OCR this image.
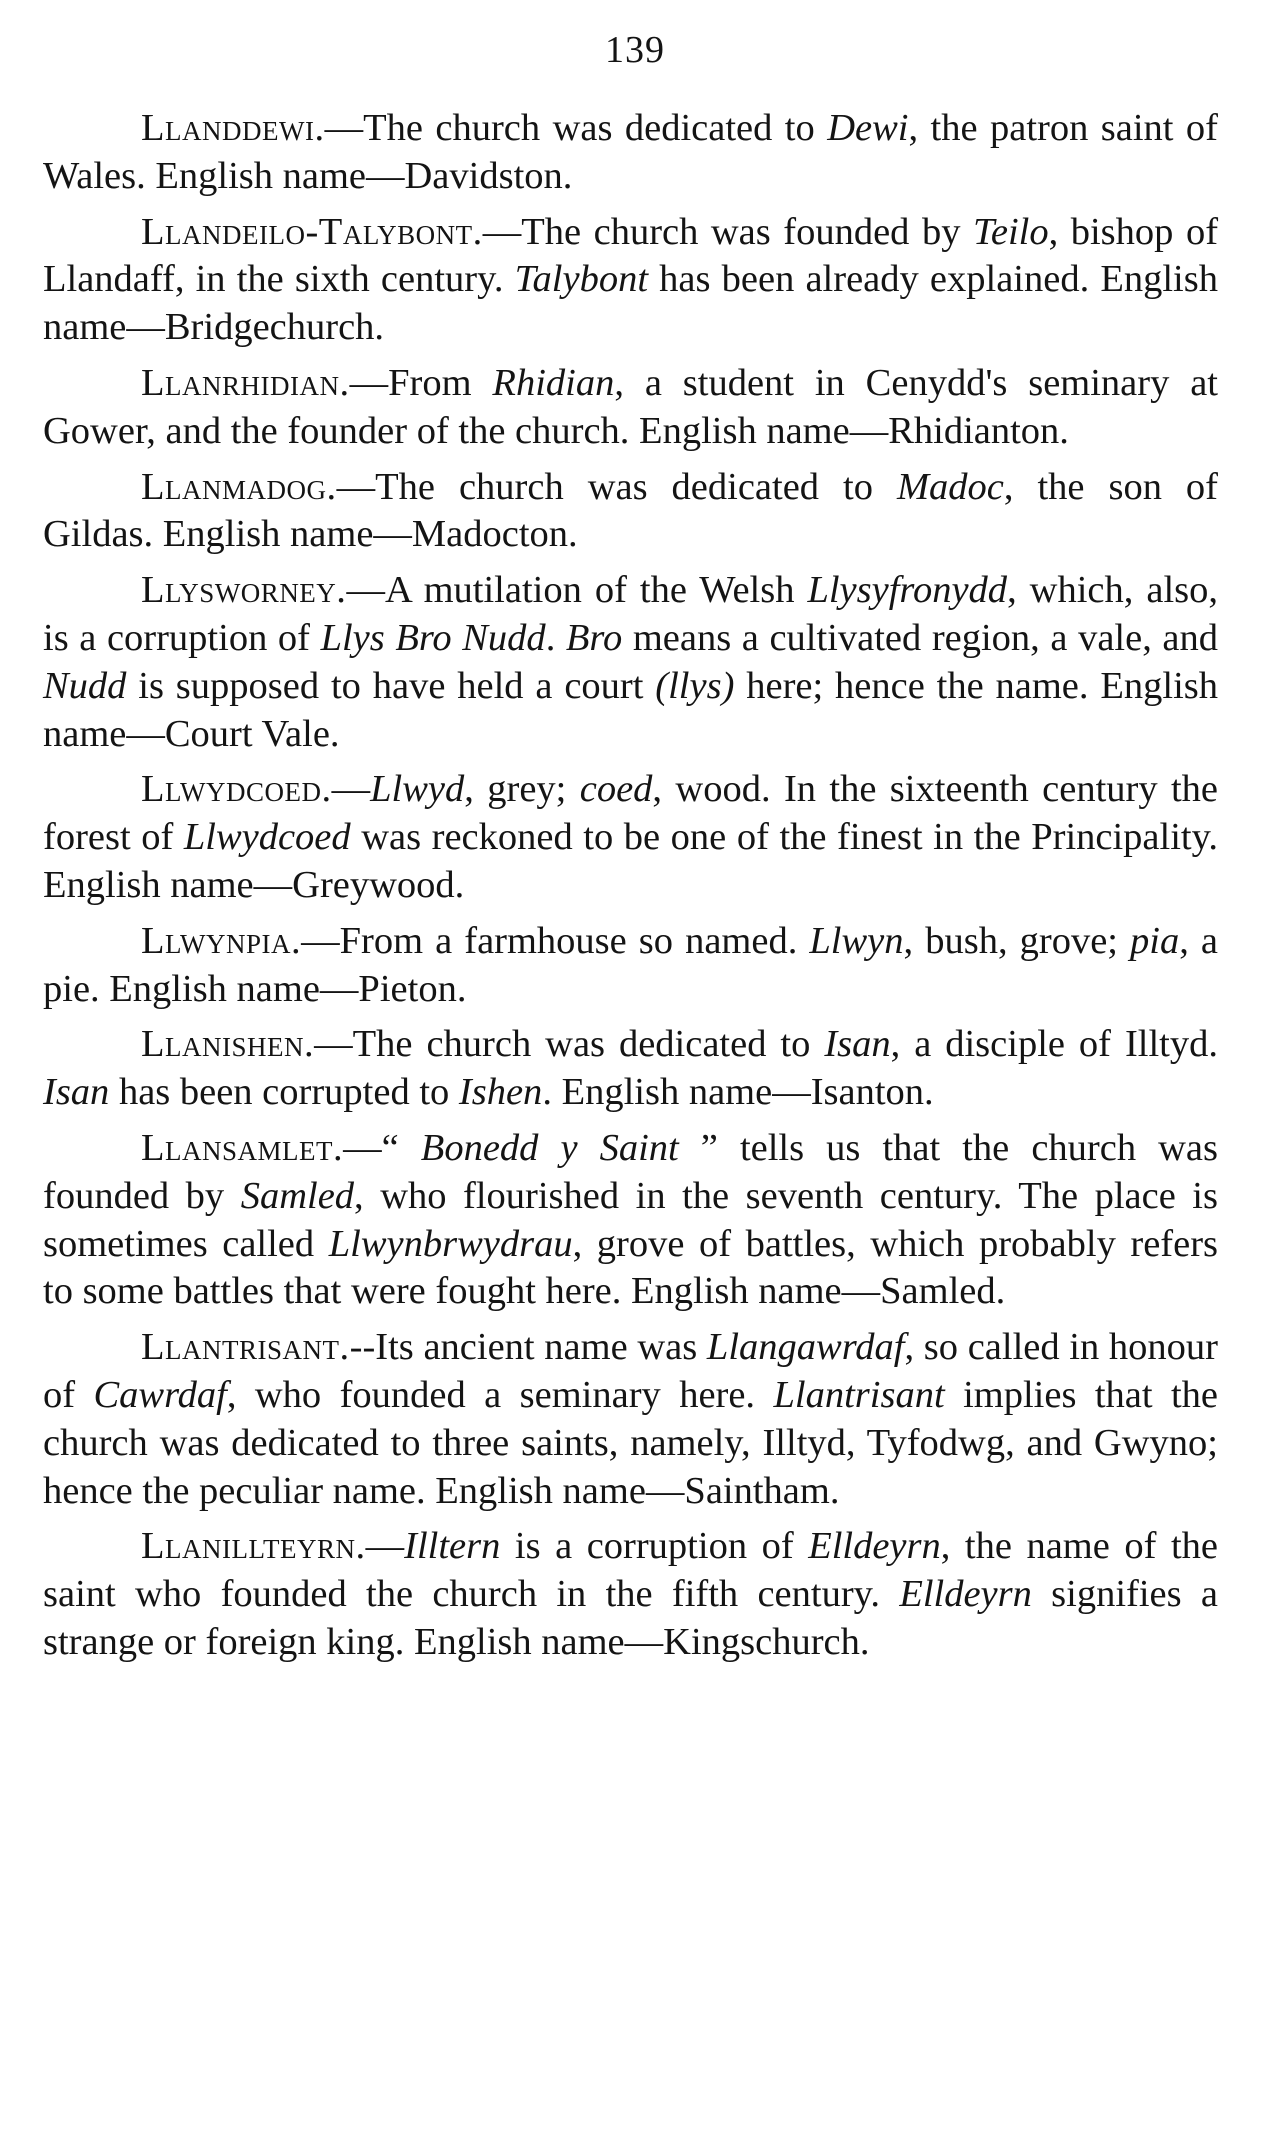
139

Llanddewi.—The church was dedicated to Dewi, the patron saint of Wales. English name—Davidston.

Llandeilo-Talybont.—The church was founded by Teilo, bishop of Llandaff, in the sixth century. Talybont has been already explained. English name—Bridgechurch.

Llanrhidian.—From Rhidian, a student in Cenydd's seminary at Gower, and the founder of the church. English name—Rhidianton.

Llanmadog.—The church was dedicated to Madoc, the son of Gildas. English name—Madocton.

Llysworney.—A mutilation of the Welsh Llysyfronydd, which, also, is a corruption of Llys Bro Nudd. Bro means a cultivated region, a vale, and Nudd is supposed to have held a court (llys) here; hence the name. English name—Court Vale.

Llwydcoed.—Llwyd, grey; coed, wood. In the sixteenth century the forest of Llwydcoed was reckoned to be one of the finest in the Principality. English name—Greywood.

Llwynpia.—From a farmhouse so named. Llwyn, bush, grove; pia, a pie. English name—Pieton.

Llanishen.—The church was dedicated to Isan, a disciple of Illtyd. Isan has been corrupted to Ishen. English name—Isanton.

Llansamlet.—“ Bonedd y Saint ” tells us that the church was founded by Samled, who flourished in the seventh century. The place is sometimes called Llwynbrwydrau, grove of battles, which probably refers to some battles that were fought here. English name—Samled.

Llantrisant.--Its ancient name was Llangawrdaf, so called in honour of Cawrdaf, who founded a seminary here. Llantrisant implies that the church was dedicated to three saints, namely, Illtyd, Tyfodwg, and Gwyno; hence the peculiar name. English name—Saintham.

Llanillteyrn.—Illtern is a corruption of Elldeyrn, the name of the saint who founded the church in the fifth century. Elldeyrn signifies a strange or foreign king. English name—Kingschurch.
